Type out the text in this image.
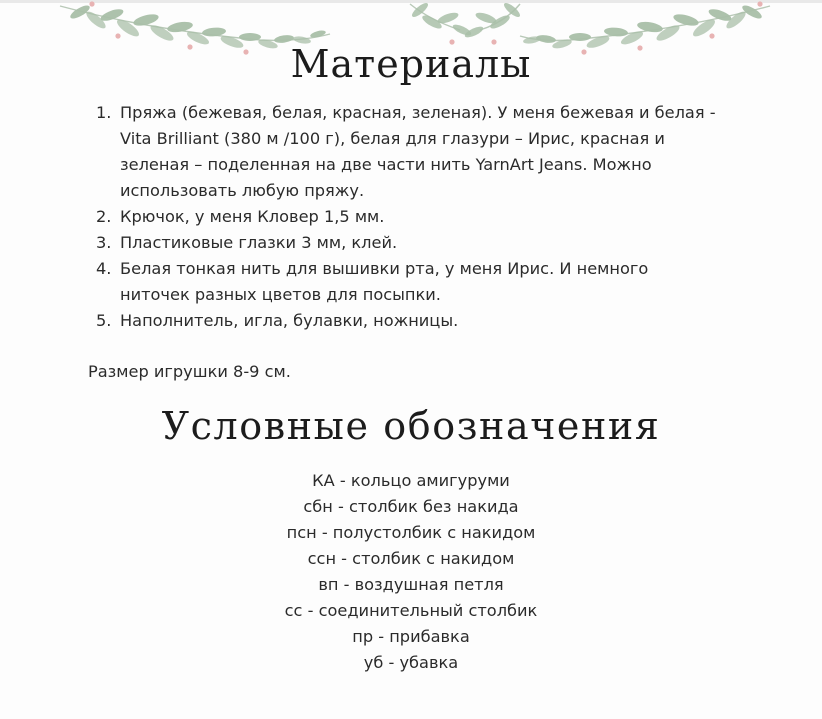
Материалы
1. Пряжа (бежевая, белая, красная, зеленая). У меня бежевая и белая -
Vita Brilliant (380 м /100 г), белая для глазури – Ирис, красная и
зеленая – поделенная на две части нить YarnArt Jeans. Можно
использовать любую пряжу.
2. Крючок, у меня Кловер 1,5 мм.
3. Пластиковые глазки 3 мм, клей.
4. Белая тонкая нить для вышивки рта, у меня Ирис. И немного
ниточек разных цветов для посыпки.
5. Наполнитель, игла, булавки, ножницы.

Размер игрушки 8-9 см.

Условные обозначения
КА - кольцо амигуруми
сбн - столбик без накида
псн - полустолбик с накидом
ссн - столбик с накидом
вп - воздушная петля
сс - соединительный столбик
пр - прибавка
уб - убавка
